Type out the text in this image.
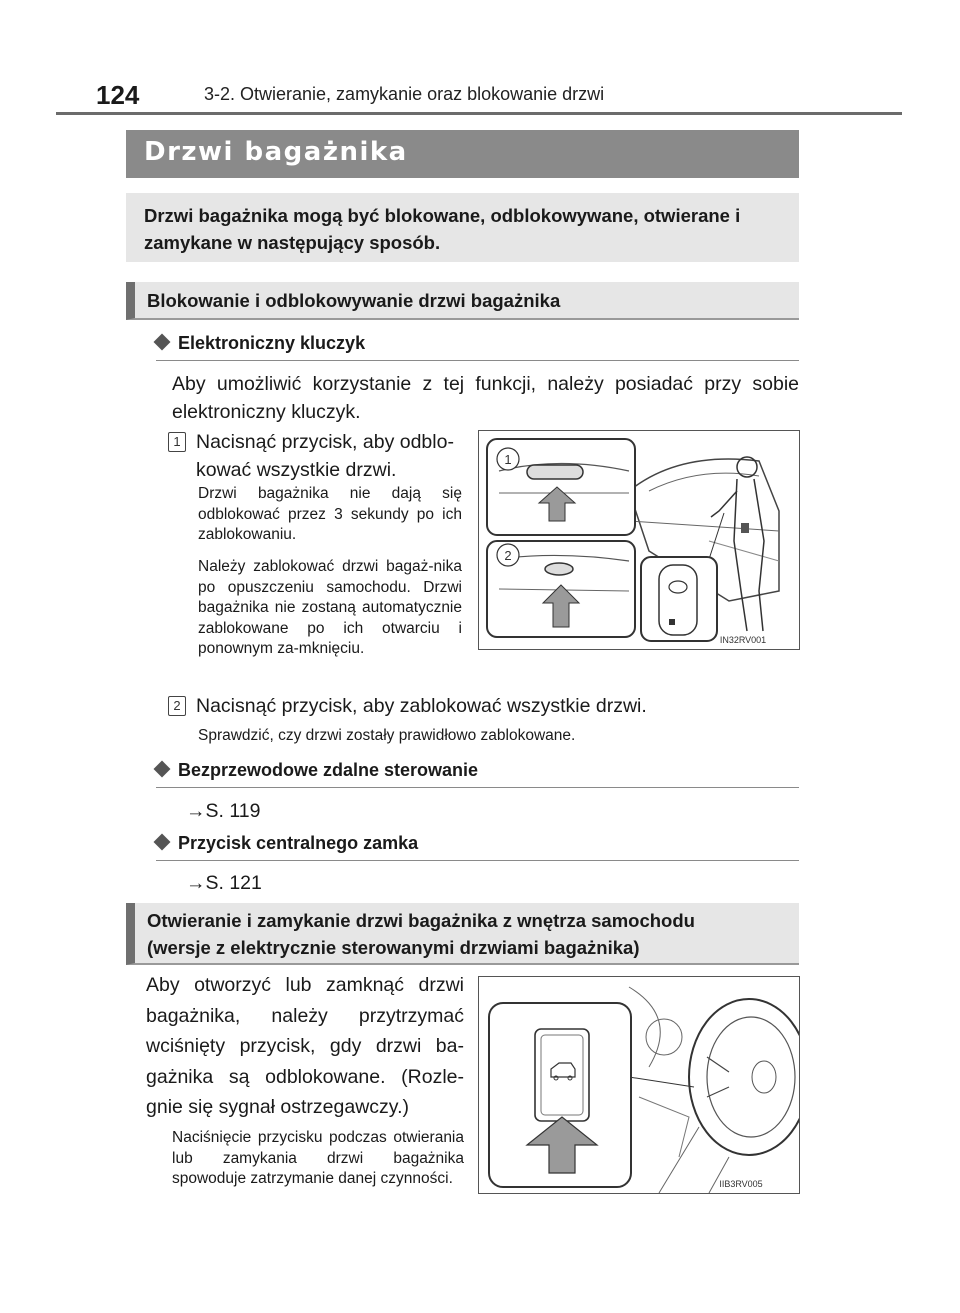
124	3-2. Otwieranie, zamykanie oraz blokowanie drzwi
Drzwi bagażnika
Drzwi bagażnika mogą być blokowane, odblokowywane, otwierane i zamykane w następujący sposób.
Blokowanie i odblokowywanie drzwi bagażnika
Elektroniczny kluczyk
Aby umożliwić korzystanie z tej funkcji, należy posiadać przy sobie elektroniczny kluczyk.
1 Nacisnąć przycisk, aby odblo-
kować wszystkie drzwi.
Drzwi bagażnika nie dają się odblokować przez 3 sekundy po ich zablokowaniu.
Należy zablokować drzwi bagaż-nika po opuszczeniu samochodu. Drzwi bagażnika nie zostaną automatycznie zablokowane po ich otwarciu i ponownym za-mknięciu.
1
2
IN32RV001
2 Nacisnąć przycisk, aby zablokować wszystkie drzwi.
Sprawdzić, czy drzwi zostały prawidłowo zablokowane.
Bezprzewodowe zdalne sterowanie
→S. 119
Przycisk centralnego zamka
→S. 121
Otwieranie i zamykanie drzwi bagażnika z wnętrza samochodu
(wersje z elektrycznie sterowanymi drzwiami bagażnika)
Aby otworzyć lub zamknąć drzwi
bagażnika, należy przytrzymać
wciśnięty przycisk, gdy drzwi ba-
gażnika są odblokowane. (Rozle-
gnie się sygnał ostrzegawczy.)
Naciśnięcie przycisku podczas otwierania lub zamykania drzwi bagażnika spowoduje zatrzymanie danej czynności.	IIB3RV005
